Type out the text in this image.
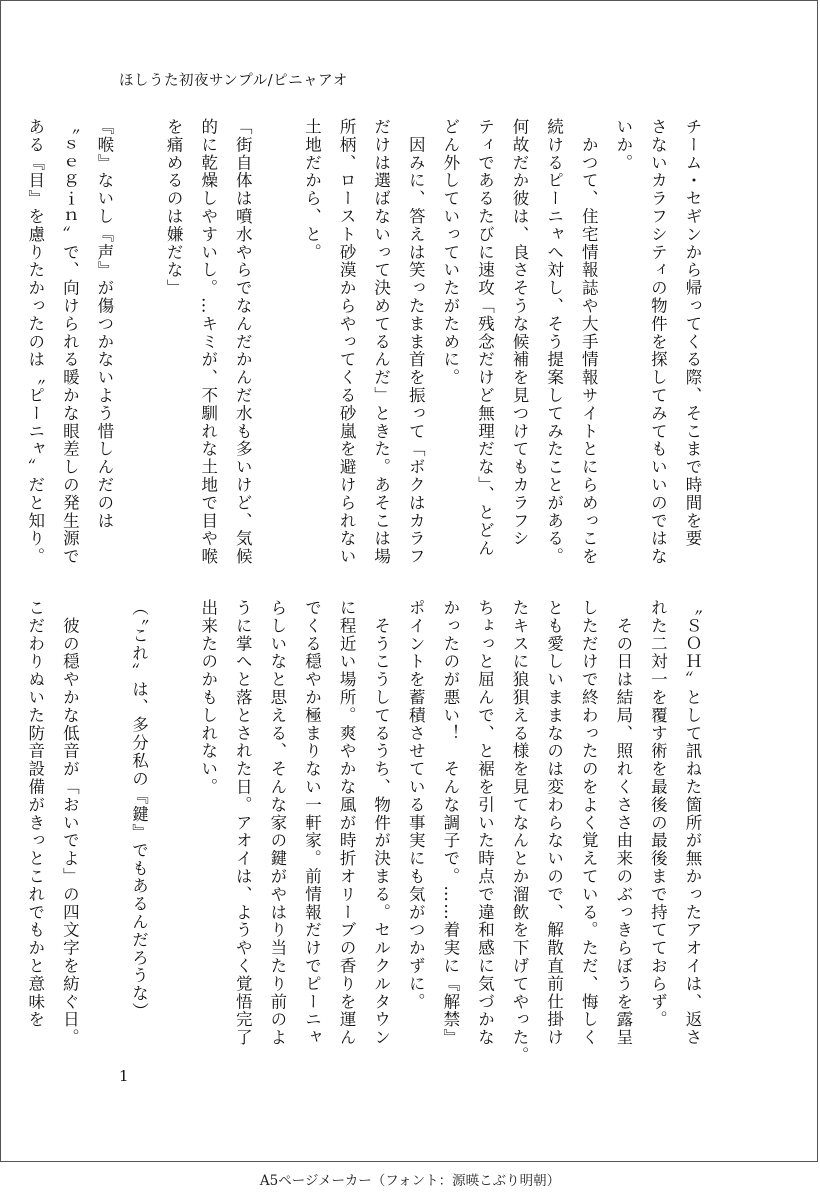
ほしうた初夜サンプル/ピニャアオ

チーム・セギンから帰ってくる際、そこまで時間を要

さないカラフシティの物件を探してみてもいいのではな

いか。

　かつて、住宅情報誌や大手情報サイトとにらめっこを

続けるピーニャへ対し、そう提案してみたことがある。

何故だか彼は、良さそうな候補を見つけてもカラフシ

ティであるたびに速攻「残念だけど無理だな」、とどん

どん外していっていたがために。

　因みに、答えは笑ったまま首を振って「ボクはカラフ

だけは選ばないって決めてるんだ」ときた。あそこは場

所柄、ロースト砂漠からやってくる砂嵐を避けられない

土地だから、と。

「街自体は噴水やらでなんだかんだ水も多いけど、気候

的に乾燥しやすいし。…キミが、不馴れな土地で目や喉

を痛めるのは嫌だな」

『喉』ないし『声』が傷つかないよう惜しんだのは

〝ｓｅｇｉｎ〟で、向けられる暖かな眼差しの発生源で

ある『目』を慮りたかったのは〝ピーニャ〟だと知り。

〝ＳＯＨ〟として訊ねた箇所が無かったアオイは、返さ

れた二対一を覆す術を最後の最後まで持てておらず。

　その日は結局、照れくささ由来のぶっきらぼうを露呈

しただけで終わったのをよく覚えている。ただ、悔しく

とも愛しいままなのは変わらないので、解散直前仕掛け

たキスに狼狽える様を見てなんとか溜飲を下げてやった。

ちょっと屈んで、と裾を引いた時点で違和感に気づかな

かったのが悪い！　そんな調子で。……着実に『解禁』

ポイントを蓄積させている事実にも気がつかずに。

　そうこうしてるうち、物件が決まる。セルクルタウン

に程近い場所。爽やかな風が時折オリーブの香りを運ん

でくる穏やか極まりない一軒家。前情報だけでピーニャ

らしいなと思える、そんな家の鍵がやはり当たり前のよ

うに掌へと落とされた日。アオイは、ようやく覚悟完了

出来たのかもしれない。

（〝これ〟は、多分私の『鍵』でもあるんだろうな）

　彼の穏やかな低音が「おいでよ」の四文字を紡ぐ日。

こだわりぬいた防音設備がきっとこれでもかと意味を

1
A5ページメーカー（フォント：源暎こぶり明朝）
